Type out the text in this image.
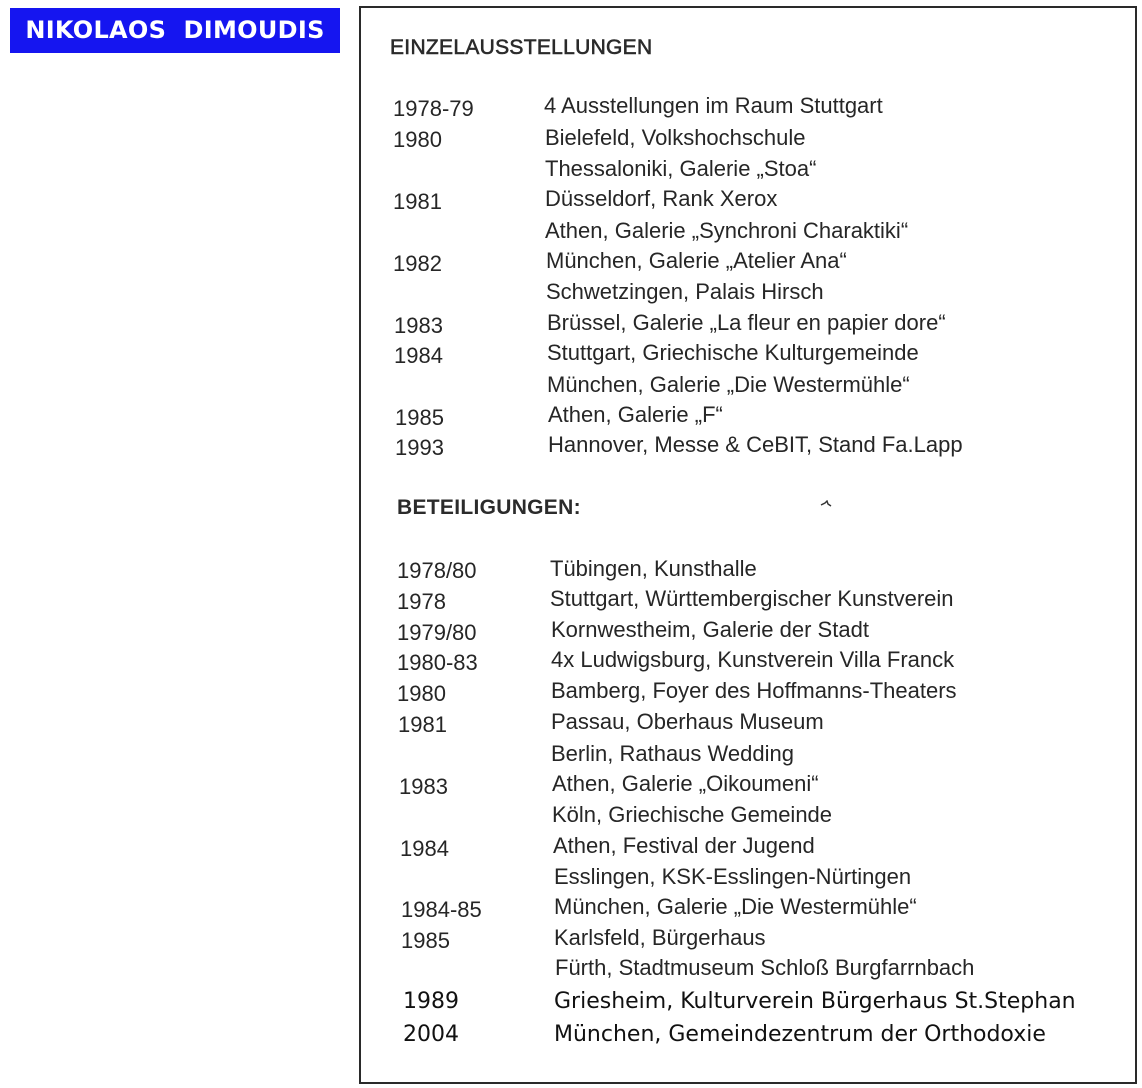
NIKOLAOS  DIMOUDIS
EINZELAUSSTELLUNGEN
1978-79	4 Ausstellungen im Raum Stuttgart
1980	Bielefeld, Volkshochschule
Thessaloniki, Galerie „Stoa“
1981	Düsseldorf, Rank Xerox
Athen, Galerie „Synchroni Charaktiki“
1982	München, Galerie „Atelier Ana“
Schwetzingen, Palais Hirsch
1983	Brüssel, Galerie „La fleur en papier dore“
1984	Stuttgart, Griechische Kulturgemeinde
München, Galerie „Die Westermühle“
1985	Athen, Galerie „F“
1993	Hannover, Messe & CeBIT, Stand Fa.Lapp
BETEILIGUNGEN:
1978/80	Tübingen, Kunsthalle
1978	Stuttgart, Württembergischer Kunstverein
1979/80	Kornwestheim, Galerie der Stadt
1980-83	4x Ludwigsburg, Kunstverein Villa Franck
1980	Bamberg, Foyer des Hoffmanns-Theaters
1981	Passau, Oberhaus Museum
Berlin, Rathaus Wedding
1983	Athen, Galerie „Oikoumeni“
Köln, Griechische Gemeinde
1984	Athen, Festival der Jugend
Esslingen, KSK-Esslingen-Nürtingen
1984-85	München, Galerie „Die Westermühle“
1985	Karlsfeld, Bürgerhaus
Fürth, Stadtmuseum Schloß Burgfarrnbach
1989	Griesheim, Kulturverein Bürgerhaus St.Stephan
2004	München, Gemeindezentrum der Orthodoxie
